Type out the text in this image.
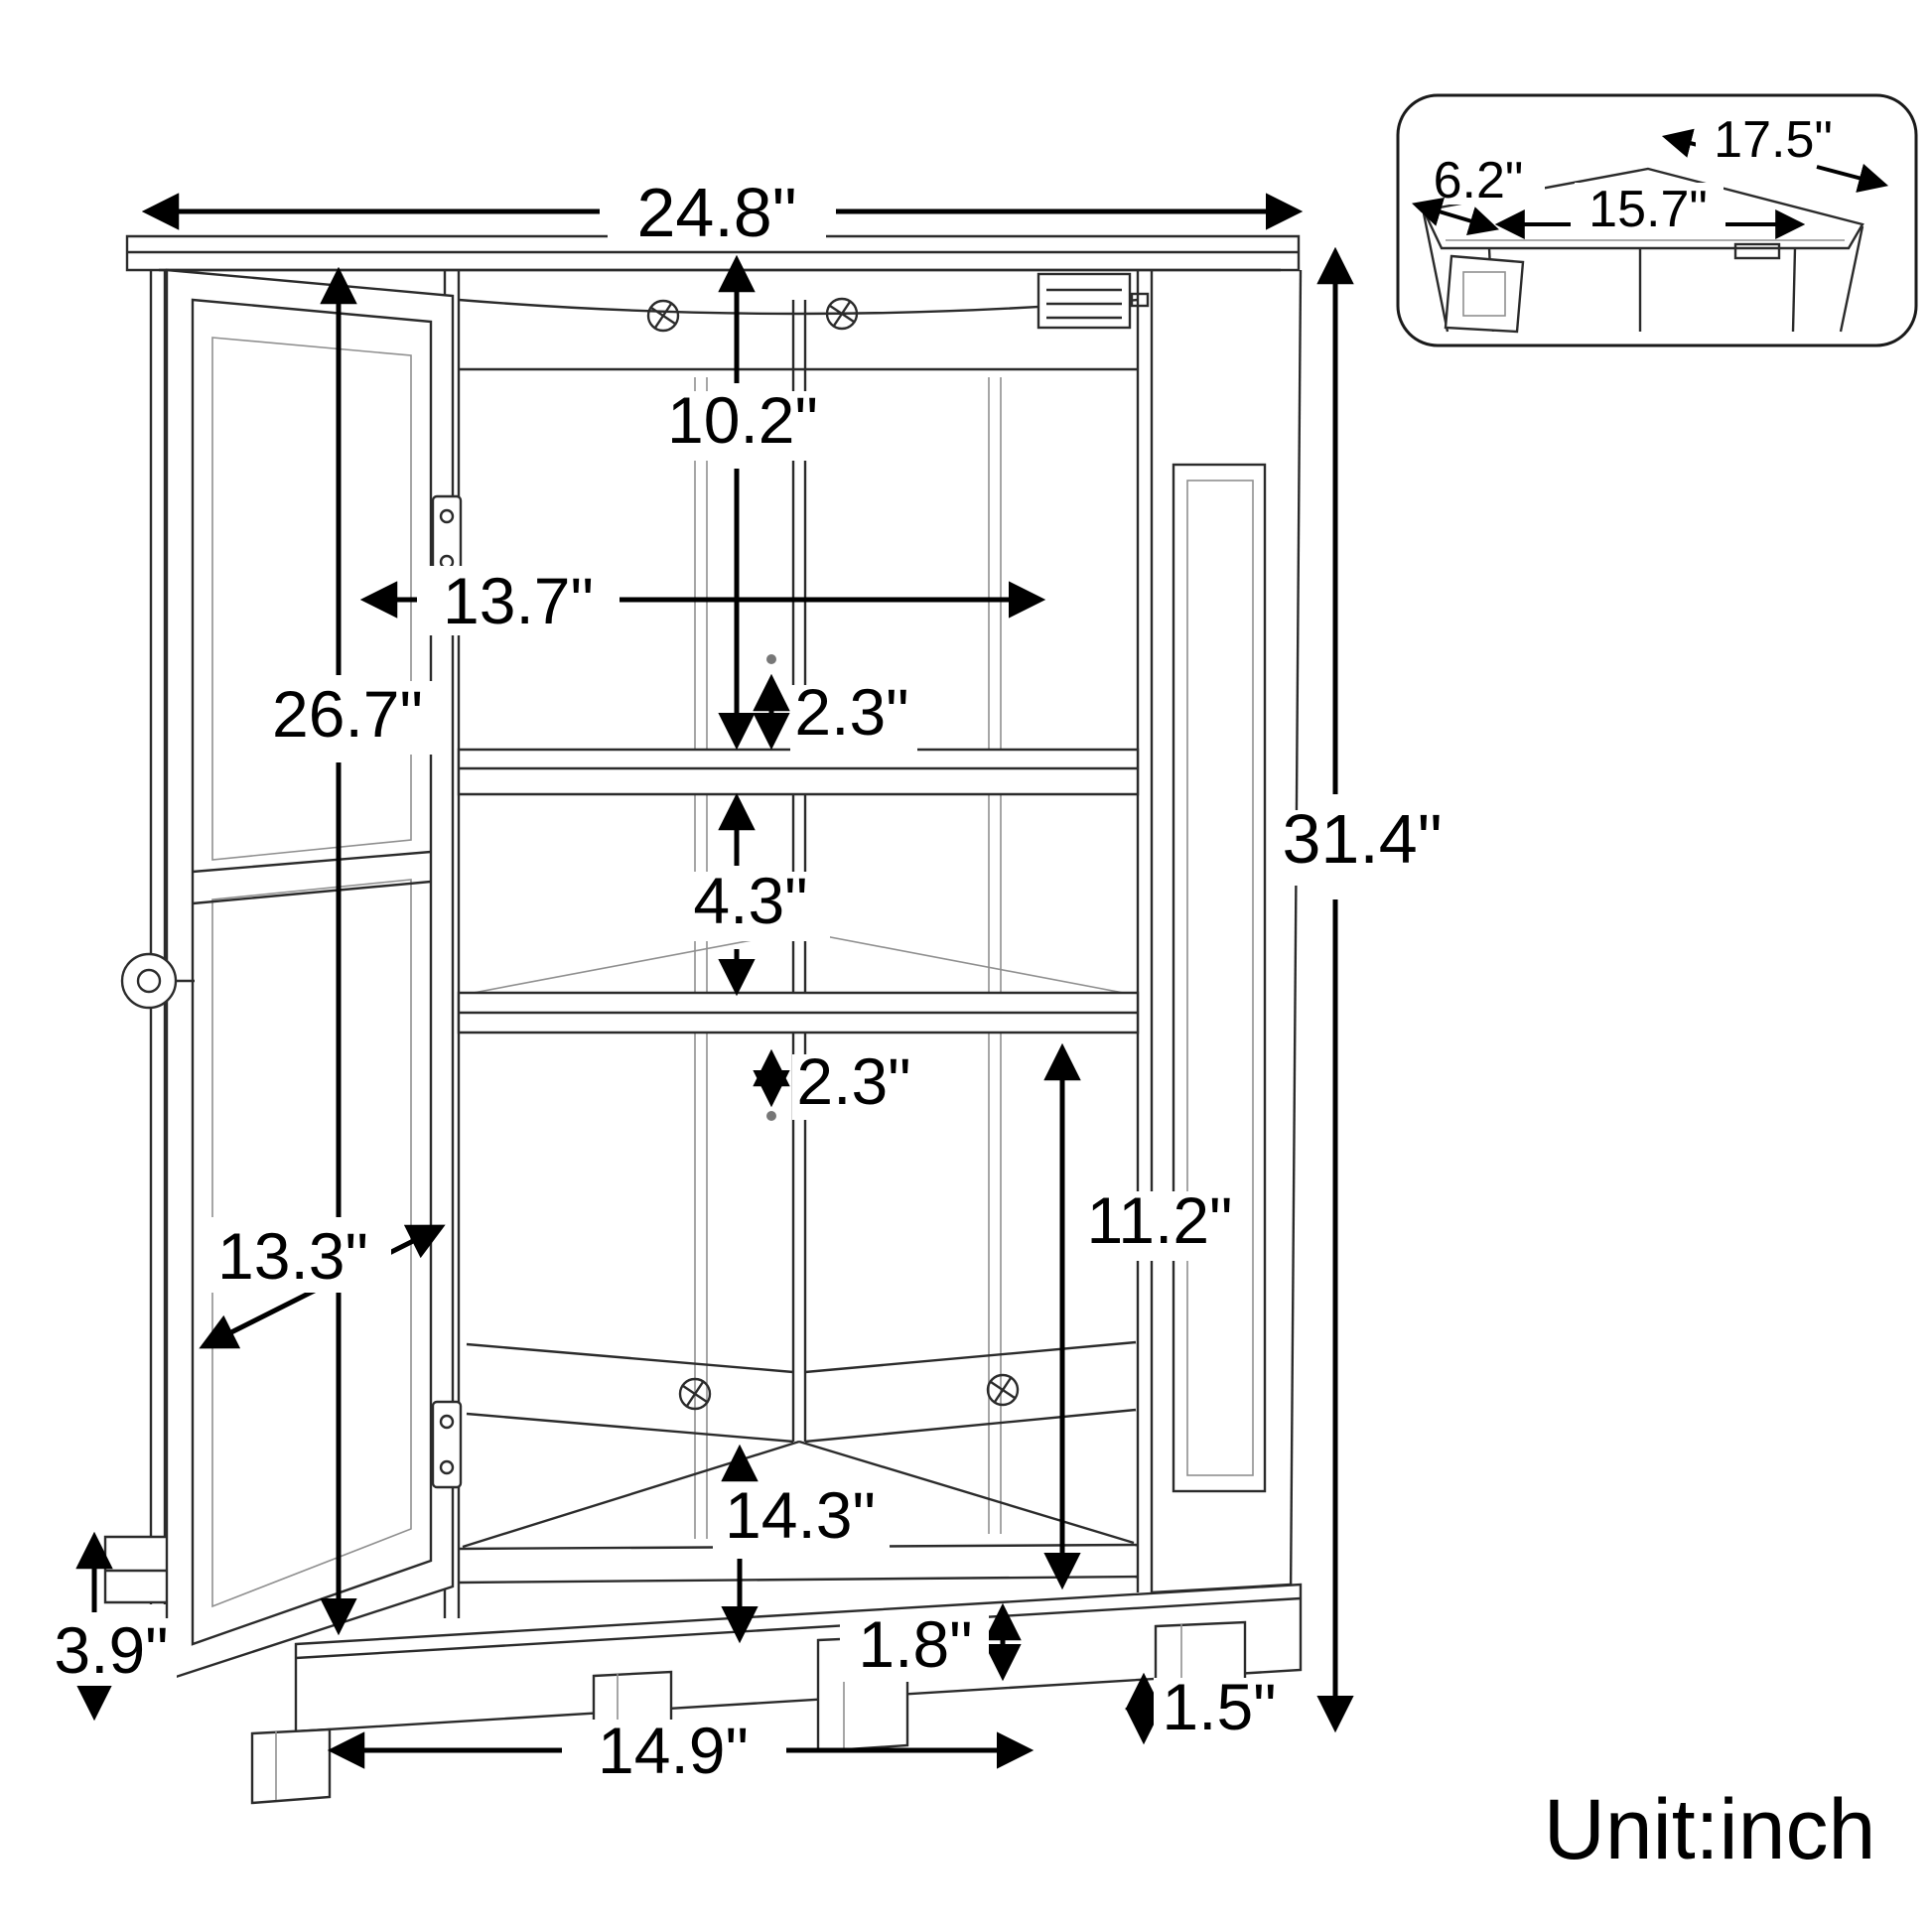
24.8"
31.4"
10.2"
13.7"
2.3"
26.7"
4.3"
2.3"
13.3"	11.2"
14.3"
3.9"	1.8"
1.5"
14.9"
17.5"
6.2" 15.7"
Unit:inch
